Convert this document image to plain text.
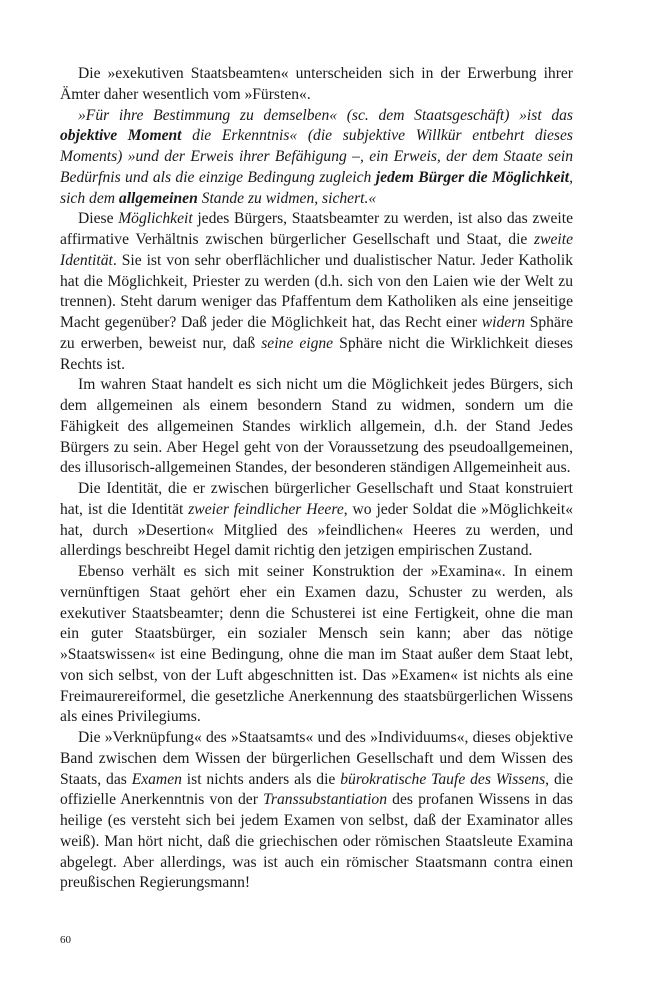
Die »exekutiven Staatsbeamten« unterscheiden sich in der Erwerbung ihrer Ämter daher wesentlich vom »Fürsten«.

»Für ihre Bestimmung zu demselben« (sc. dem Staatsgeschäft) »ist das objektive Moment die Erkenntnis« (die subjektive Willkür entbehrt dieses Moments) »und der Erweis ihrer Befähigung –, ein Erweis, der dem Staate sein Bedürfnis und als die einzige Bedingung zugleich jedem Bürger die Möglichkeit, sich dem allgemeinen Stande zu widmen, sichert.«

Diese Möglichkeit jedes Bürgers, Staatsbeamter zu werden, ist also das zweite affirmative Verhältnis zwischen bürgerlicher Gesellschaft und Staat, die zweite Identität. Sie ist von sehr oberflächlicher und dualistischer Natur. Jeder Katholik hat die Möglichkeit, Priester zu werden (d.h. sich von den Laien wie der Welt zu trennen). Steht darum weniger das Pfaffentum dem Katholiken als eine jenseitige Macht gegenüber? Daß jeder die Möglichkeit hat, das Recht einer widern Sphäre zu erwerben, beweist nur, daß seine eigne Sphäre nicht die Wirklichkeit dieses Rechts ist.

Im wahren Staat handelt es sich nicht um die Möglichkeit jedes Bürgers, sich dem allgemeinen als einem besondern Stand zu widmen, sondern um die Fähigkeit des allgemeinen Standes wirklich allgemein, d.h. der Stand Jedes Bürgers zu sein. Aber Hegel geht von der Voraussetzung des pseudoallgemeinen, des illusorisch-allgemeinen Standes, der besonderen ständigen Allgemeinheit aus.

Die Identität, die er zwischen bürgerlicher Gesellschaft und Staat konstruiert hat, ist die Identität zweier feindlicher Heere, wo jeder Soldat die »Möglichkeit« hat, durch »Desertion« Mitglied des »feindlichen« Heeres zu werden, und allerdings beschreibt Hegel damit richtig den jetzigen empirischen Zustand.

Ebenso verhält es sich mit seiner Konstruktion der »Examina«. In einem vernünftigen Staat gehört eher ein Examen dazu, Schuster zu werden, als exekutiver Staatsbeamter; denn die Schusterei ist eine Fertigkeit, ohne die man ein guter Staatsbürger, ein sozialer Mensch sein kann; aber das nötige »Staatswissen« ist eine Bedingung, ohne die man im Staat außer dem Staat lebt, von sich selbst, von der Luft abgeschnitten ist. Das »Examen« ist nichts als eine Freimaurereiformel, die gesetzliche Anerkennung des staatsbürgerlichen Wissens als eines Privilegiums.

Die »Verknüpfung« des »Staatsamts« und des »Individuums«, dieses objektive Band zwischen dem Wissen der bürgerlichen Gesellschaft und dem Wissen des Staats, das Examen ist nichts anders als die bürokratische Taufe des Wissens, die offizielle Anerkenntnis von der Transsubstantiation des profanen Wissens in das heilige (es versteht sich bei jedem Examen von selbst, daß der Examinator alles weiß). Man hört nicht, daß die griechischen oder römischen Staatsleute Examina abgelegt. Aber allerdings, was ist auch ein römischer Staatsmann contra einen preußischen Regierungsmann!

60
